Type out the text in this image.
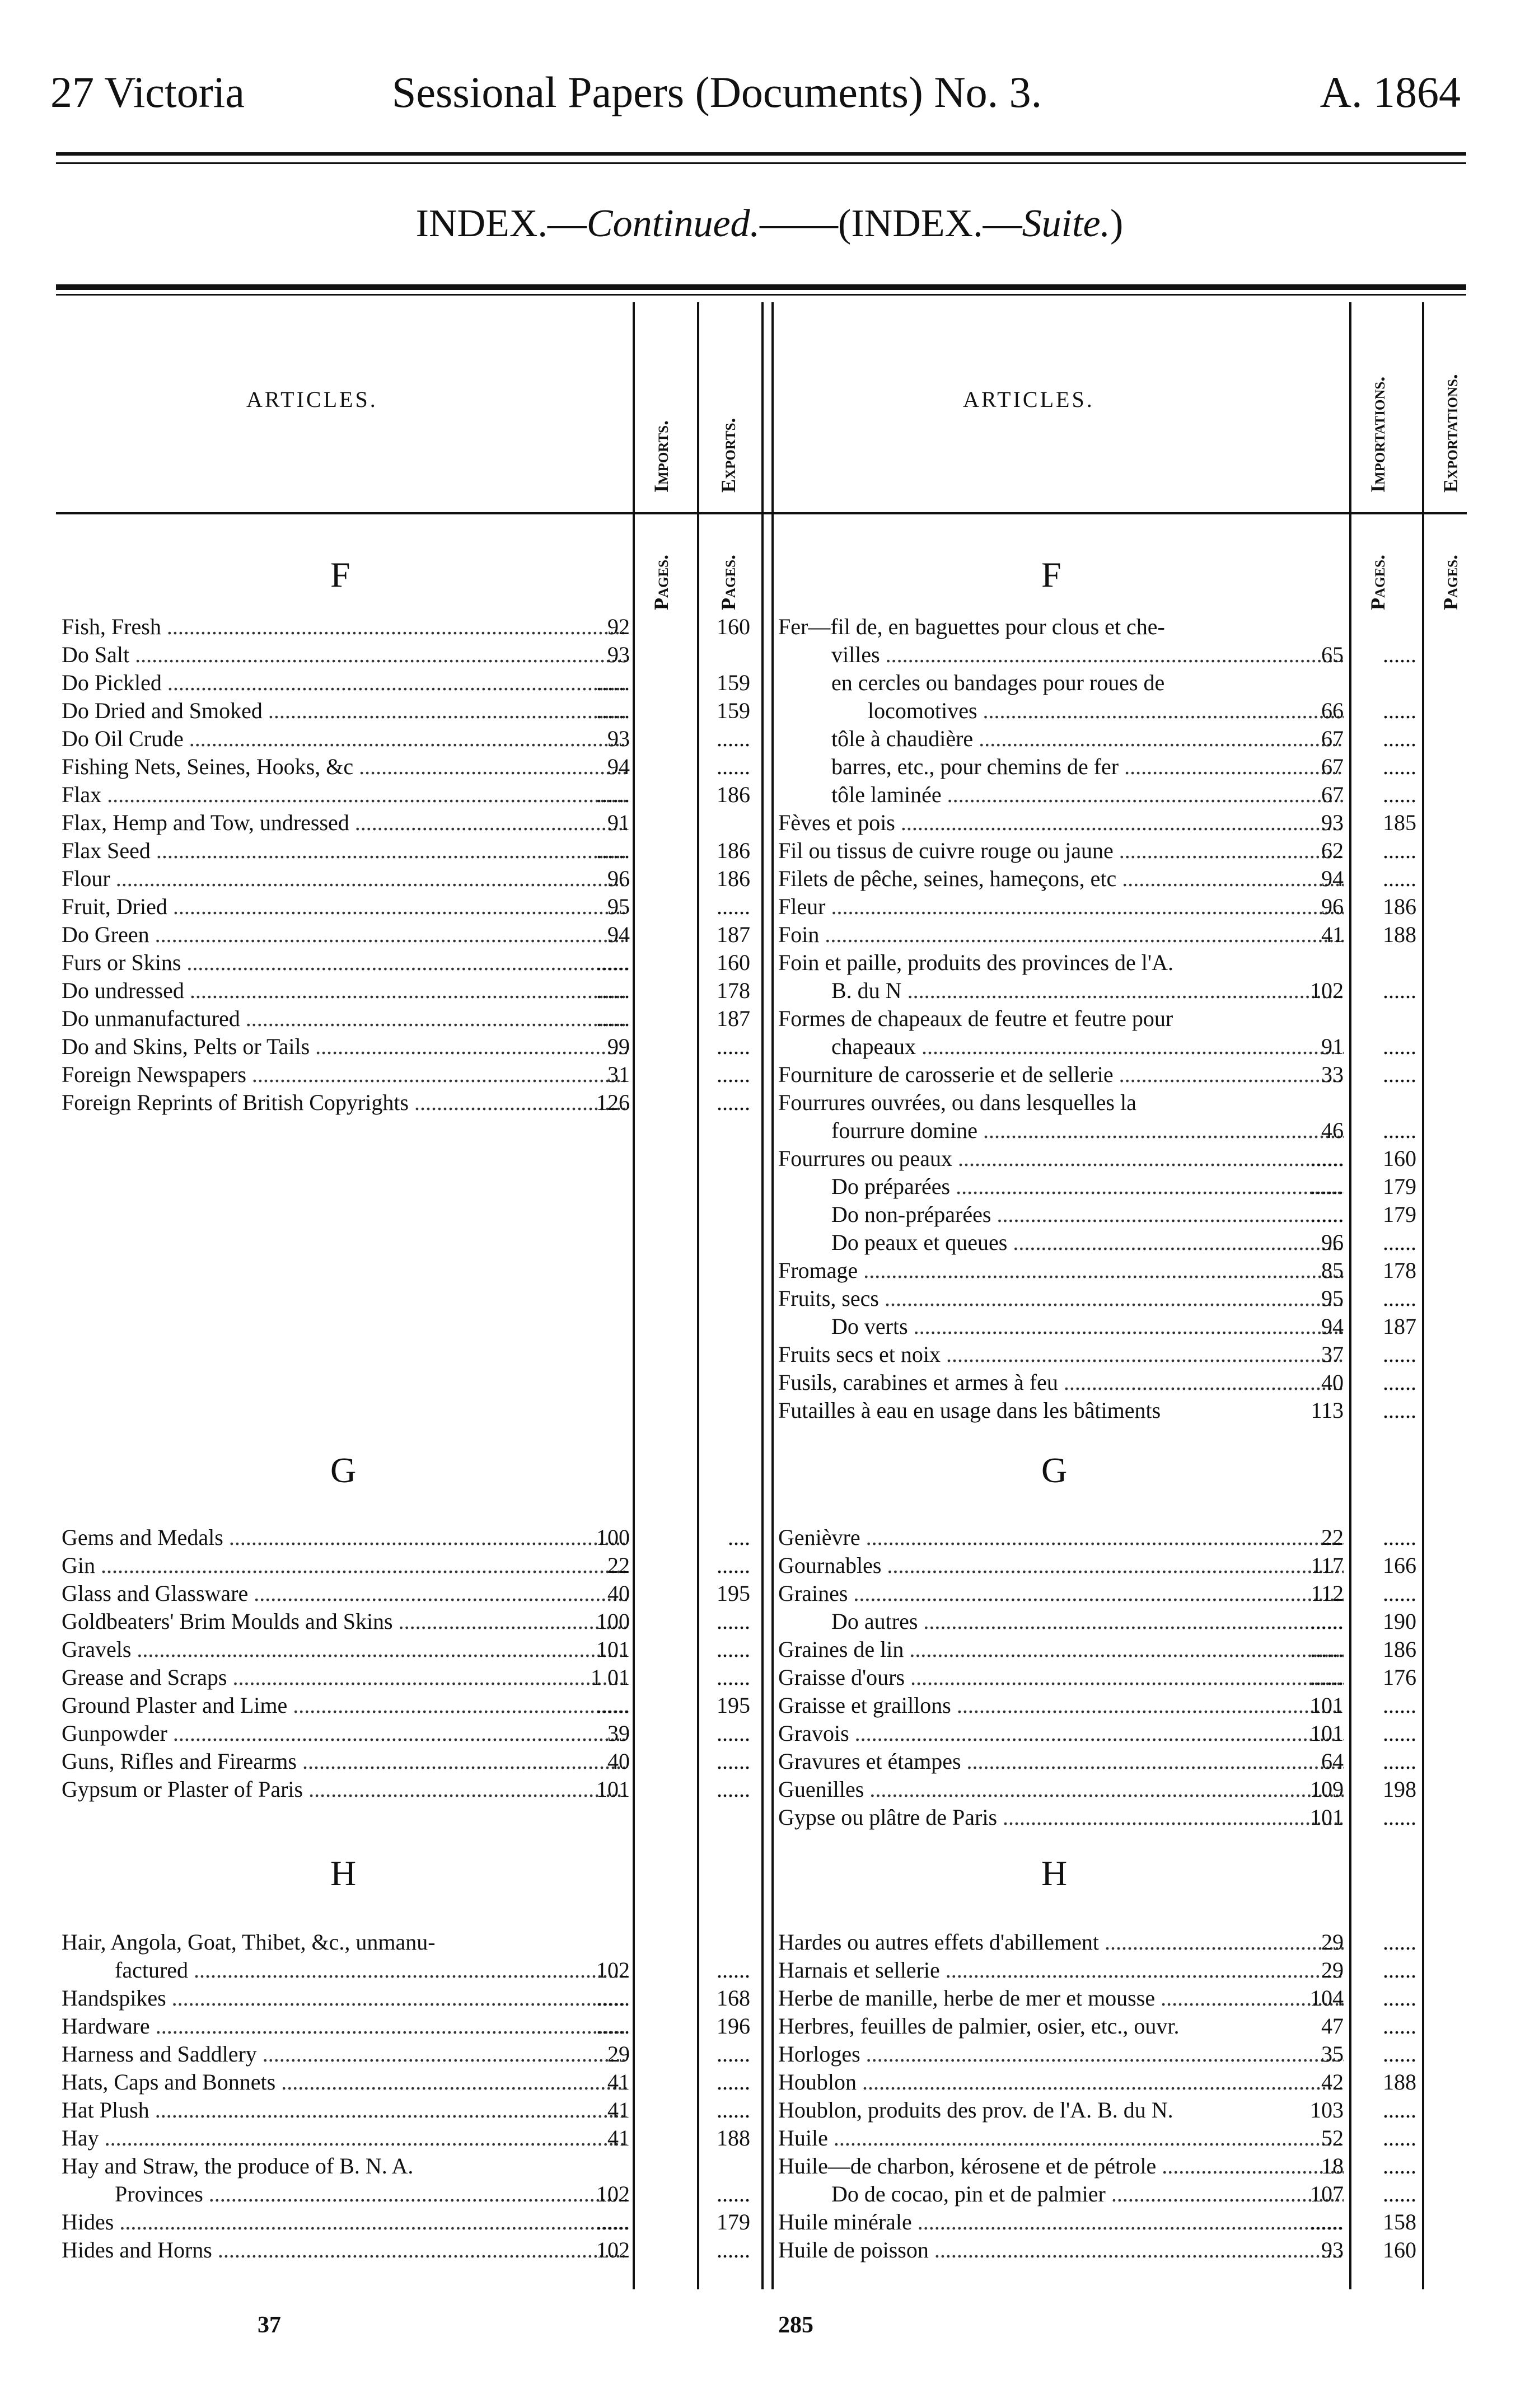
27 Victoria	Sessional Papers (Documents) No. 3.	A. 1864
INDEX.—Continued.——(INDEX.—Suite.)
ARTICLES.	ARTICLES.
Imports. Exports.	Importations.	Exportations.
Pages. Pages.	Pages.	Pages.
F	F
G	G
H	H
Fish, Fresh .....	92	160
Do Salt .....	93
Do Pickled .....	......	159
Do Dried and Smoked .....	......	159
Do Oil Crude .....	93	......
Fishing Nets, Seines, Hooks, &c .....	94	......
Flax .....	......	186
Flax, Hemp and Tow, undressed .....	91
Flax Seed .....	......	186
Flour .....	96	186
Fruit, Dried .....	95	......
Do Green .....	94	187
Furs or Skins .....	......	160
Do undressed .....	......	178
Do unmanufactured .....	......	187
Do and Skins, Pelts or Tails .....	99	......
Foreign Newspapers .....	31	......
Foreign Reprints of British Copyrights .....	126	......
Gems and Medals .....	100	....
Gin .....	22	......
Glass and Glassware .....	40	195
Goldbeaters' Brim Moulds and Skins .....	100	......
Gravels .....	101	......
Grease and Scraps .....	1 01	......
Ground Plaster and Lime .....	......	195
Gunpowder .....	39	......
Guns, Rifles and Firearms .....	40	......
Gypsum or Plaster of Paris .....	101	......
Hair, Angola, Goat, Thibet, &c., unmanu-
factured .....	102	......
Handspikes .....	......	168
Hardware .....	......	196
Harness and Saddlery .....	29	......
Hats, Caps and Bonnets .....	41	......
Hat Plush .....	41	......
Hay .....	41	188
Hay and Straw, the produce of B. N. A.
Provinces .....	102	......
Hides .....	......	179
Hides and Horns .....	102	......
Fer—fil de, en baguettes pour clous et che-
villes .....	65	......
en cercles ou bandages pour roues de
locomotives .....	66	......
tôle à chaudière .....	67	......
barres, etc., pour chemins de fer .....	67	......
tôle laminée .....	67	......
Fèves et pois .....	93	185
Fil ou tissus de cuivre rouge ou jaune .....	62	......
Filets de pêche, seines, hameçons, etc .....	94	......
Fleur .....	96	186
Foin .....	41	188
Foin et paille, produits des provinces de l'A.
B. du N .....	102	......
Formes de chapeaux de feutre et feutre pour
chapeaux .....	91	......
Fourniture de carosserie et de sellerie .....	33	......
Fourrures ouvrées, ou dans lesquelles la
fourrure domine .....	46	......
Fourrures ou peaux .....	......	160
Do préparées .....	......	179
Do non-préparées .....	......	179
Do peaux et queues .....	96	......
Fromage .....	85	178
Fruits, secs .....	95	......
Do verts .....	94	187
Fruits secs et noix .....	37	......
Fusils, carabines et armes à feu .....	40	......
Futailles à eau en usage dans les bâtiments	113	......
Genièvre .....	22	......
Gournables .....	117	166
Graines .....	112	......
Do autres .....	......	190
Graines de lin .....	......	186
Graisse d'ours .....	......	176
Graisse et graillons .....	101	......
Gravois .....	101	......
Gravures et étampes .....	64	......
Guenilles .....	109	198
Gypse ou plâtre de Paris .....	101	......
Hardes ou autres effets d'abillement .....	29	......
Harnais et sellerie .....	29	......
Herbe de manille, herbe de mer et mousse .....	104	......
Herbres, feuilles de palmier, osier, etc., ouvr.	47	......
Horloges .....	35	......
Houblon .....	42	188
Houblon, produits des prov. de l'A. B. du N.	103	......
Huile .....	52	......
Huile—de charbon, kérosene et de pétrole .....	18	......
Do de cocao, pin et de palmier .....	107	......
Huile minérale .....	......	158
Huile de poisson .....	93	160
37	285
